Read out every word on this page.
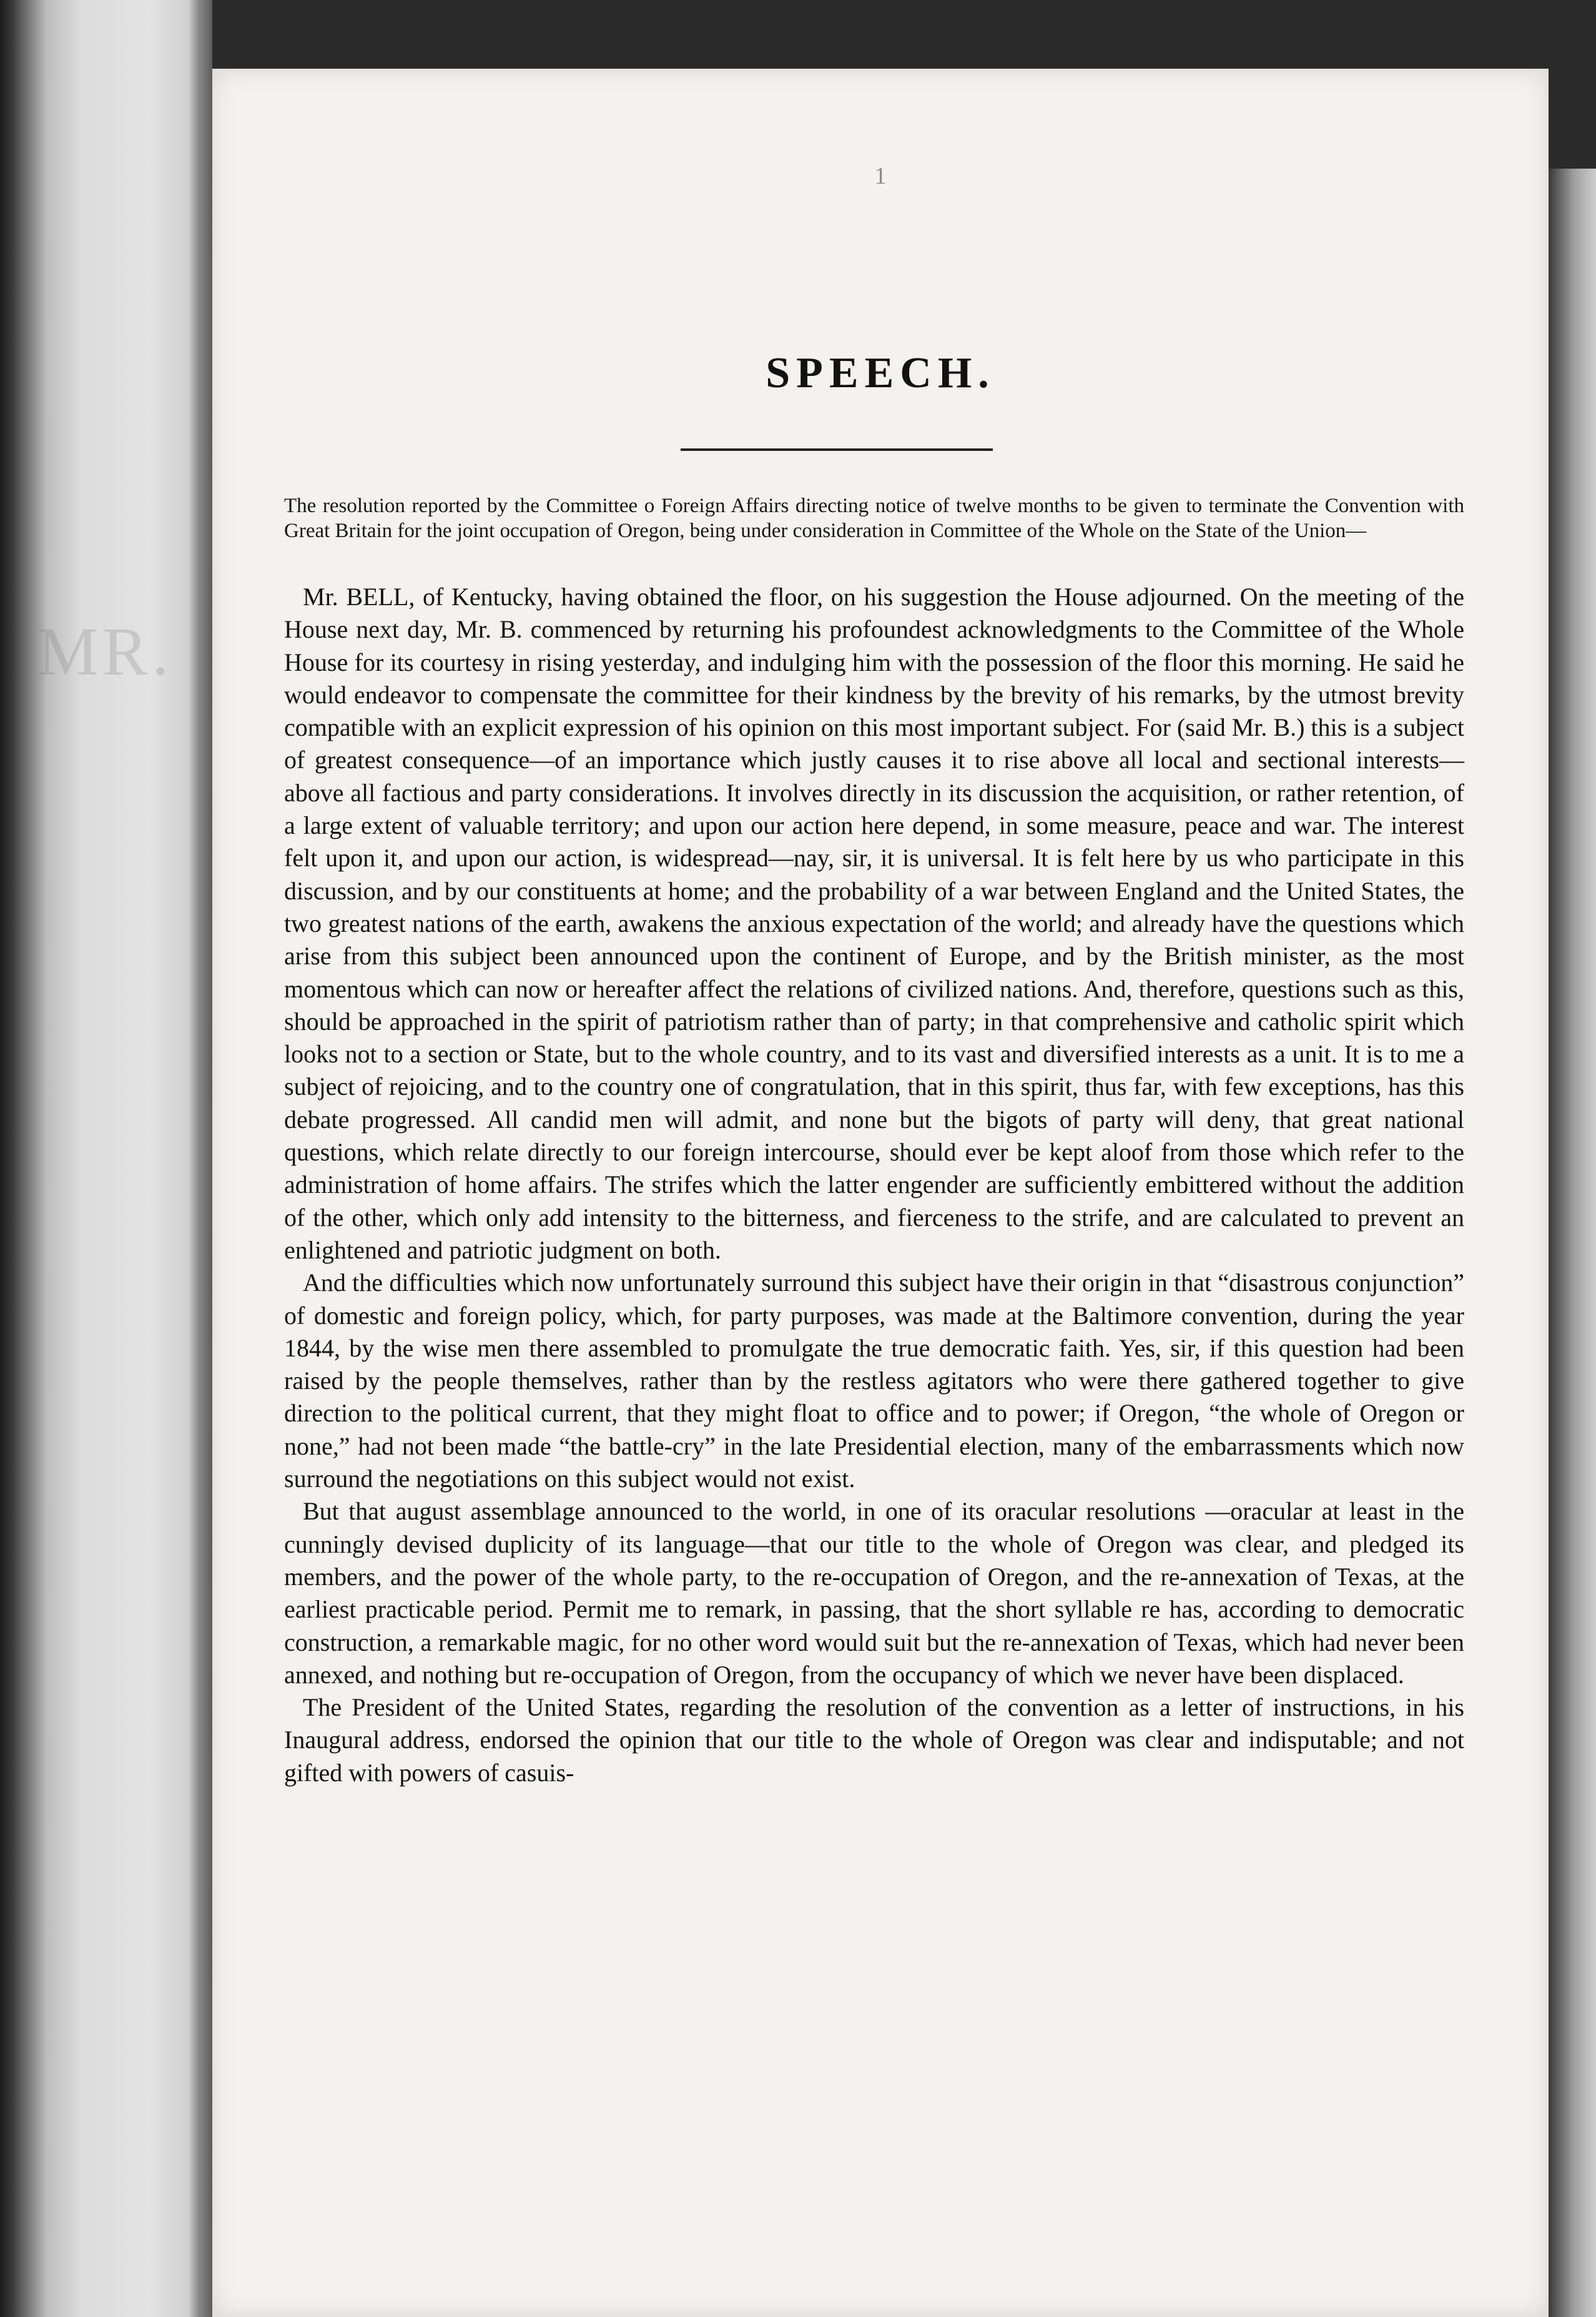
MR.
1
SPEECH.

The resolution reported by the Committee o Foreign Affairs directing notice of twelve months to be given to terminate the Convention with Great Britain for the joint occupation of Oregon, being under consideration in Committee of the Whole on the State of the Union—

Mr. BELL, of Kentucky, having obtained the floor, on his suggestion the House adjourned. On the meeting of the House next day, Mr. B. commenced by returning his profoundest acknowledgments to the Committee of the Whole House for its courtesy in rising yesterday, and indulging him with the possession of the floor this morning. He said he would endeavor to compensate the committee for their kindness by the brevity of his remarks, by the utmost brevity compatible with an explicit expression of his opinion on this most important subject. For (said Mr. B.) this is a subject of greatest consequence—of an importance which justly causes it to rise above all local and sectional interests—above all factious and party considerations. It involves directly in its discussion the acquisition, or rather retention, of a large extent of valuable territory; and upon our action here depend, in some measure, peace and war. The interest felt upon it, and upon our action, is widespread—nay, sir, it is universal. It is felt here by us who participate in this discussion, and by our constituents at home; and the probability of a war between England and the United States, the two greatest nations of the earth, awakens the anxious expectation of the world; and already have the questions which arise from this subject been announced upon the continent of Europe, and by the British minister, as the most momentous which can now or hereafter affect the relations of civilized nations. And, therefore, questions such as this, should be approached in the spirit of patriotism rather than of party; in that comprehensive and catholic spirit which looks not to a section or State, but to the whole country, and to its vast and diversified interests as a unit. It is to me a subject of rejoicing, and to the country one of congratulation, that in this spirit, thus far, with few exceptions, has this debate progressed. All candid men will admit, and none but the bigots of party will deny, that great national questions, which relate directly to our foreign intercourse, should ever be kept aloof from those which refer to the administration of home affairs. The strifes which the latter engender are sufficiently embittered without the addition of the other, which only add intensity to the bitterness, and fierceness to the strife, and are calculated to prevent an enlightened and patriotic judgment on both.

And the difficulties which now unfortunately surround this subject have their origin in that “disastrous conjunction” of domestic and foreign policy, which, for party purposes, was made at the Baltimore convention, during the year 1844, by the wise men there assembled to promulgate the true democratic faith. Yes, sir, if this question had been raised by the people themselves, rather than by the restless agitators who were there gathered together to give direction to the political current, that they might float to office and to power; if Oregon, “the whole of Oregon or none,” had not been made “the battle-cry” in the late Presidential election, many of the embarrassments which now surround the negotiations on this subject would not exist.

But that august assemblage announced to the world, in one of its oracular resolutions —oracular at least in the cunningly devised duplicity of its language—that our title to the whole of Oregon was clear, and pledged its members, and the power of the whole party, to the re-occupation of Oregon, and the re-annexation of Texas, at the earliest practicable period. Permit me to remark, in passing, that the short syllable re has, according to democratic construction, a remarkable magic, for no other word would suit but the re-annexation of Texas, which had never been annexed, and nothing but re-occupation of Oregon, from the occupancy of which we never have been displaced.

The President of the United States, regarding the resolution of the convention as a letter of instructions, in his Inaugural address, endorsed the opinion that our title to the whole of Oregon was clear and indisputable; and not gifted with powers of casuis-
